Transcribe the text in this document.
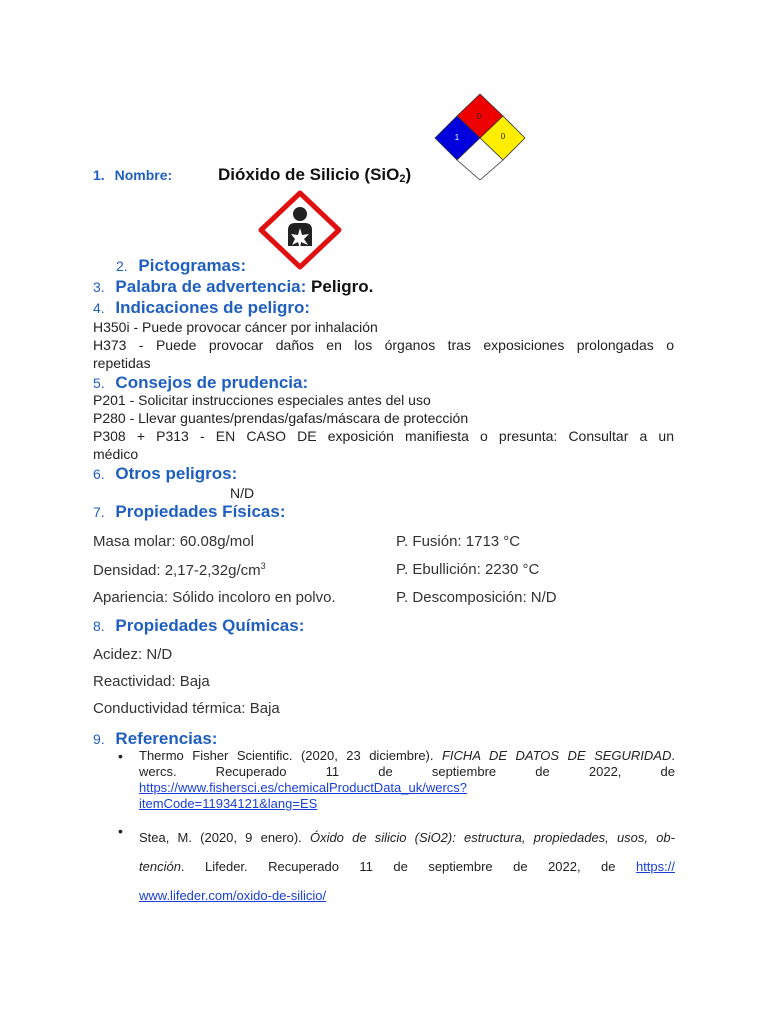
0
1	0
1. Nombre:	Dióxido de Silicio (SiO2)
2. Pictogramas:
3. Palabra de advertencia: Peligro.
4. Indicaciones de peligro:
H350i - Puede provocar cáncer por inhalación
H373 - Puede provocar daños en los órganos tras exposiciones prolongadas o
repetidas
5. Consejos de prudencia:
P201 - Solicitar instrucciones especiales antes del uso
P280 - Llevar guantes/prendas/gafas/máscara de protección
P308 + P313 - EN CASO DE exposición manifiesta o presunta: Consultar a un
médico
6. Otros peligros:
N/D
7. Propiedades Físicas:
Masa molar: 60.08g/mol	P. Fusión: 1713 °C
Densidad: $2,17-2,32g/cm^3$	P. Ebullición: 2230 °C
Apariencia: Sólido incoloro en polvo.	P. Descomposición: N/D
8. Propiedades Químicas:
Acidez: N/D
Reactividad: Baja
Conductividad térmica: Baja
9. Referencias:
• Thermo Fisher Scientific. (2020, 23 diciembre). FICHA DE DATOS DE SEGURIDAD.
wercs. Recuperado 11 de septiembre de 2022, de
https://www.fishersci.es/chemicalProductData_uk/wercs?
itemCode=11934121&lang=ES
• Stea, M. (2020, 9 enero). Óxido de silicio (SiO2): estructura, propiedades, usos, ob-
tención. Lifeder. Recuperado 11 de septiembre de 2022, de https://
www.lifeder.com/oxido-de-silicio/
